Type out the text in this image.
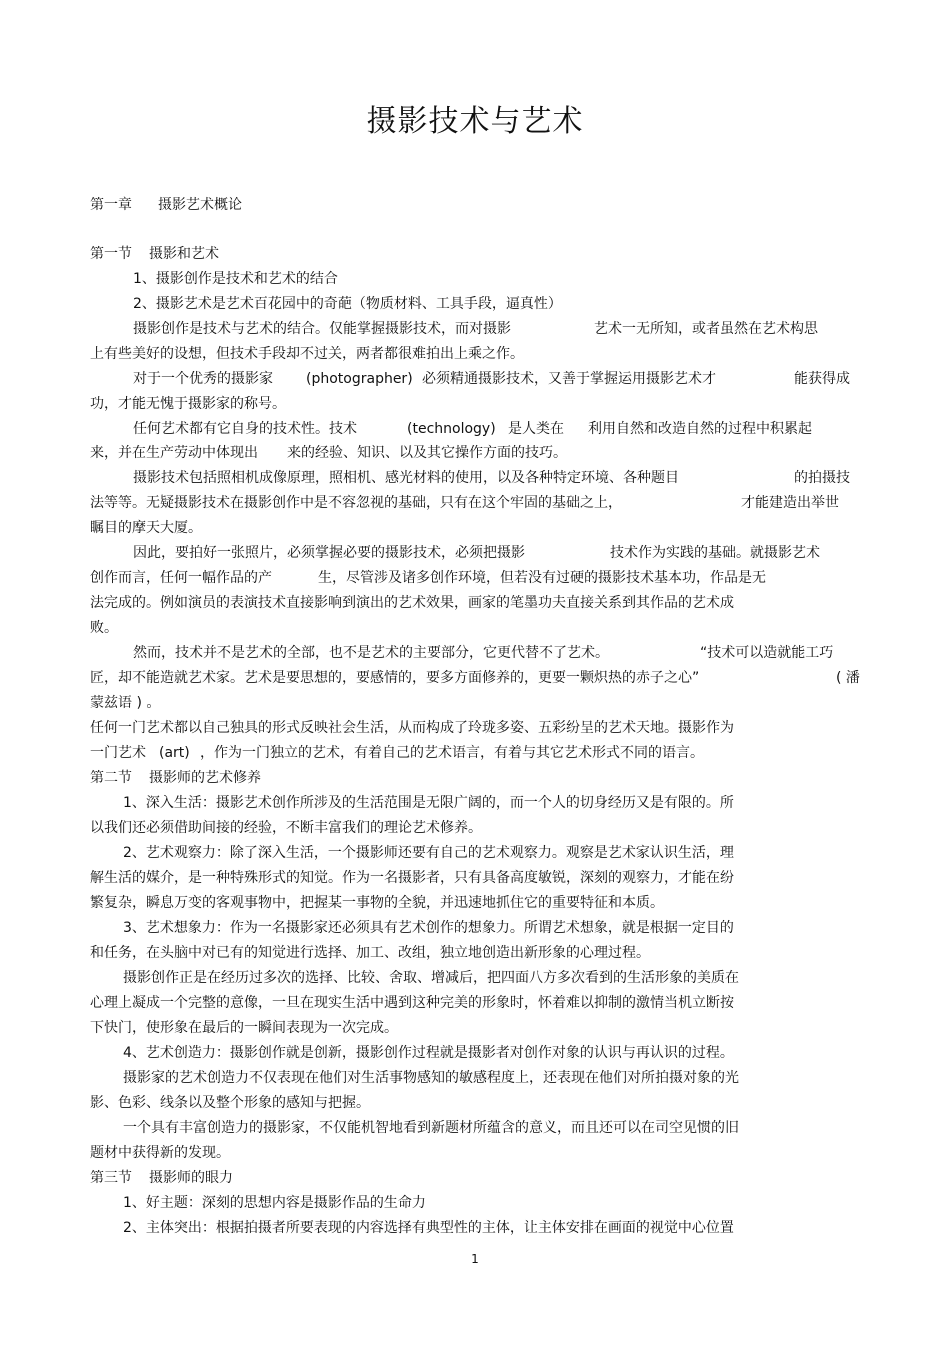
摄影技术与艺术
第一章 摄影艺术概论
第一节 摄影和艺术
1、摄影创作是技术和艺术的结合
2、摄影艺术是艺术百花园中的奇葩（物质材料、工具手段，逼真性）
摄影创作是技术与艺术的结合。仅能掌握摄影技术，而对摄影	艺术一无所知，或者虽然在艺术构思
上有些美好的设想，但技术手段却不过关，两者都很难拍出上乘之作。
对于一个优秀的摄影家 (photographer) 必须精通摄影技术，又善于掌握运用摄影艺术才	能获得成
功，才能无愧于摄影家的称号。
任何艺术都有它自身的技术性。技术	(technology) 是人类在 利用自然和改造自然的过程中积累起
来，并在生产劳动中体现出 来的经验、知识、以及其它操作方面的技巧。
摄影技术包括照相机成像原理，照相机、感光材料的使用，以及各种特定环境、各种题目	的拍摄技
法等等。无疑摄影技术在摄影创作中是不容忽视的基础，只有在这个牢固的基础之上，	才能建造出举世
瞩目的摩天大厦。
因此，要拍好一张照片，必须掌握必要的摄影技术，必须把摄影	技术作为实践的基础。就摄影艺术
创作而言，任何一幅作品的产	生，尽管涉及诸多创作环境，但若没有过硬的摄影技术基本功，作品是无
法完成的。例如演员的表演技术直接影响到演出的艺术效果，画家的笔墨功夫直接关系到其作品的艺术成
败。
然而，技术并不是艺术的全部，也不是艺术的主要部分，它更代替不了艺术。	“技术可以造就能工巧
匠，却不能造就艺术家。艺术是要思想的，要感情的，要多方面修养的，更要一颗炽热的赤子之心”	( 潘
蒙兹语 ) 。
任何一门艺术都以自己独具的形式反映社会生活，从而构成了玲珑多姿、五彩纷呈的艺术天地。摄影作为
一门艺术 (art) ，作为一门独立的艺术，有着自己的艺术语言，有着与其它艺术形式不同的语言。
第二节 摄影师的艺术修养
1、深入生活：摄影艺术创作所涉及的生活范围是无限广阔的，而一个人的切身经历又是有限的。所
以我们还必须借助间接的经验，不断丰富我们的理论艺术修养。
2、艺术观察力：除了深入生活，一个摄影师还要有自己的艺术观察力。观察是艺术家认识生活，理
解生活的媒介，是一种特殊形式的知觉。作为一名摄影者，只有具备高度敏锐，深刻的观察力，才能在纷
繁复杂，瞬息万变的客观事物中，把握某一事物的全貌，并迅速地抓住它的重要特征和本质。
3、艺术想象力：作为一名摄影家还必须具有艺术创作的想象力。所谓艺术想象，就是根据一定目的
和任务，在头脑中对已有的知觉进行选择、加工、改组，独立地创造出新形象的心理过程。
摄影创作正是在经历过多次的选择、比较、舍取、增减后，把四面八方多次看到的生活形象的美质在
心理上凝成一个完整的意像，一旦在现实生活中遇到这种完美的形象时，怀着难以抑制的激情当机立断按
下快门，使形象在最后的一瞬间表现为一次完成。
4、艺术创造力：摄影创作就是创新，摄影创作过程就是摄影者对创作对象的认识与再认识的过程。
摄影家的艺术创造力不仅表现在他们对生活事物感知的敏感程度上，还表现在他们对所拍摄对象的光
影、色彩、线条以及整个形象的感知与把握。
一个具有丰富创造力的摄影家，不仅能机智地看到新题材所蕴含的意义，而且还可以在司空见惯的旧
题材中获得新的发现。
第三节 摄影师的眼力
1、好主题：深刻的思想内容是摄影作品的生命力
2、主体突出：根据拍摄者所要表现的内容选择有典型性的主体，让主体安排在画面的视觉中心位置
1
